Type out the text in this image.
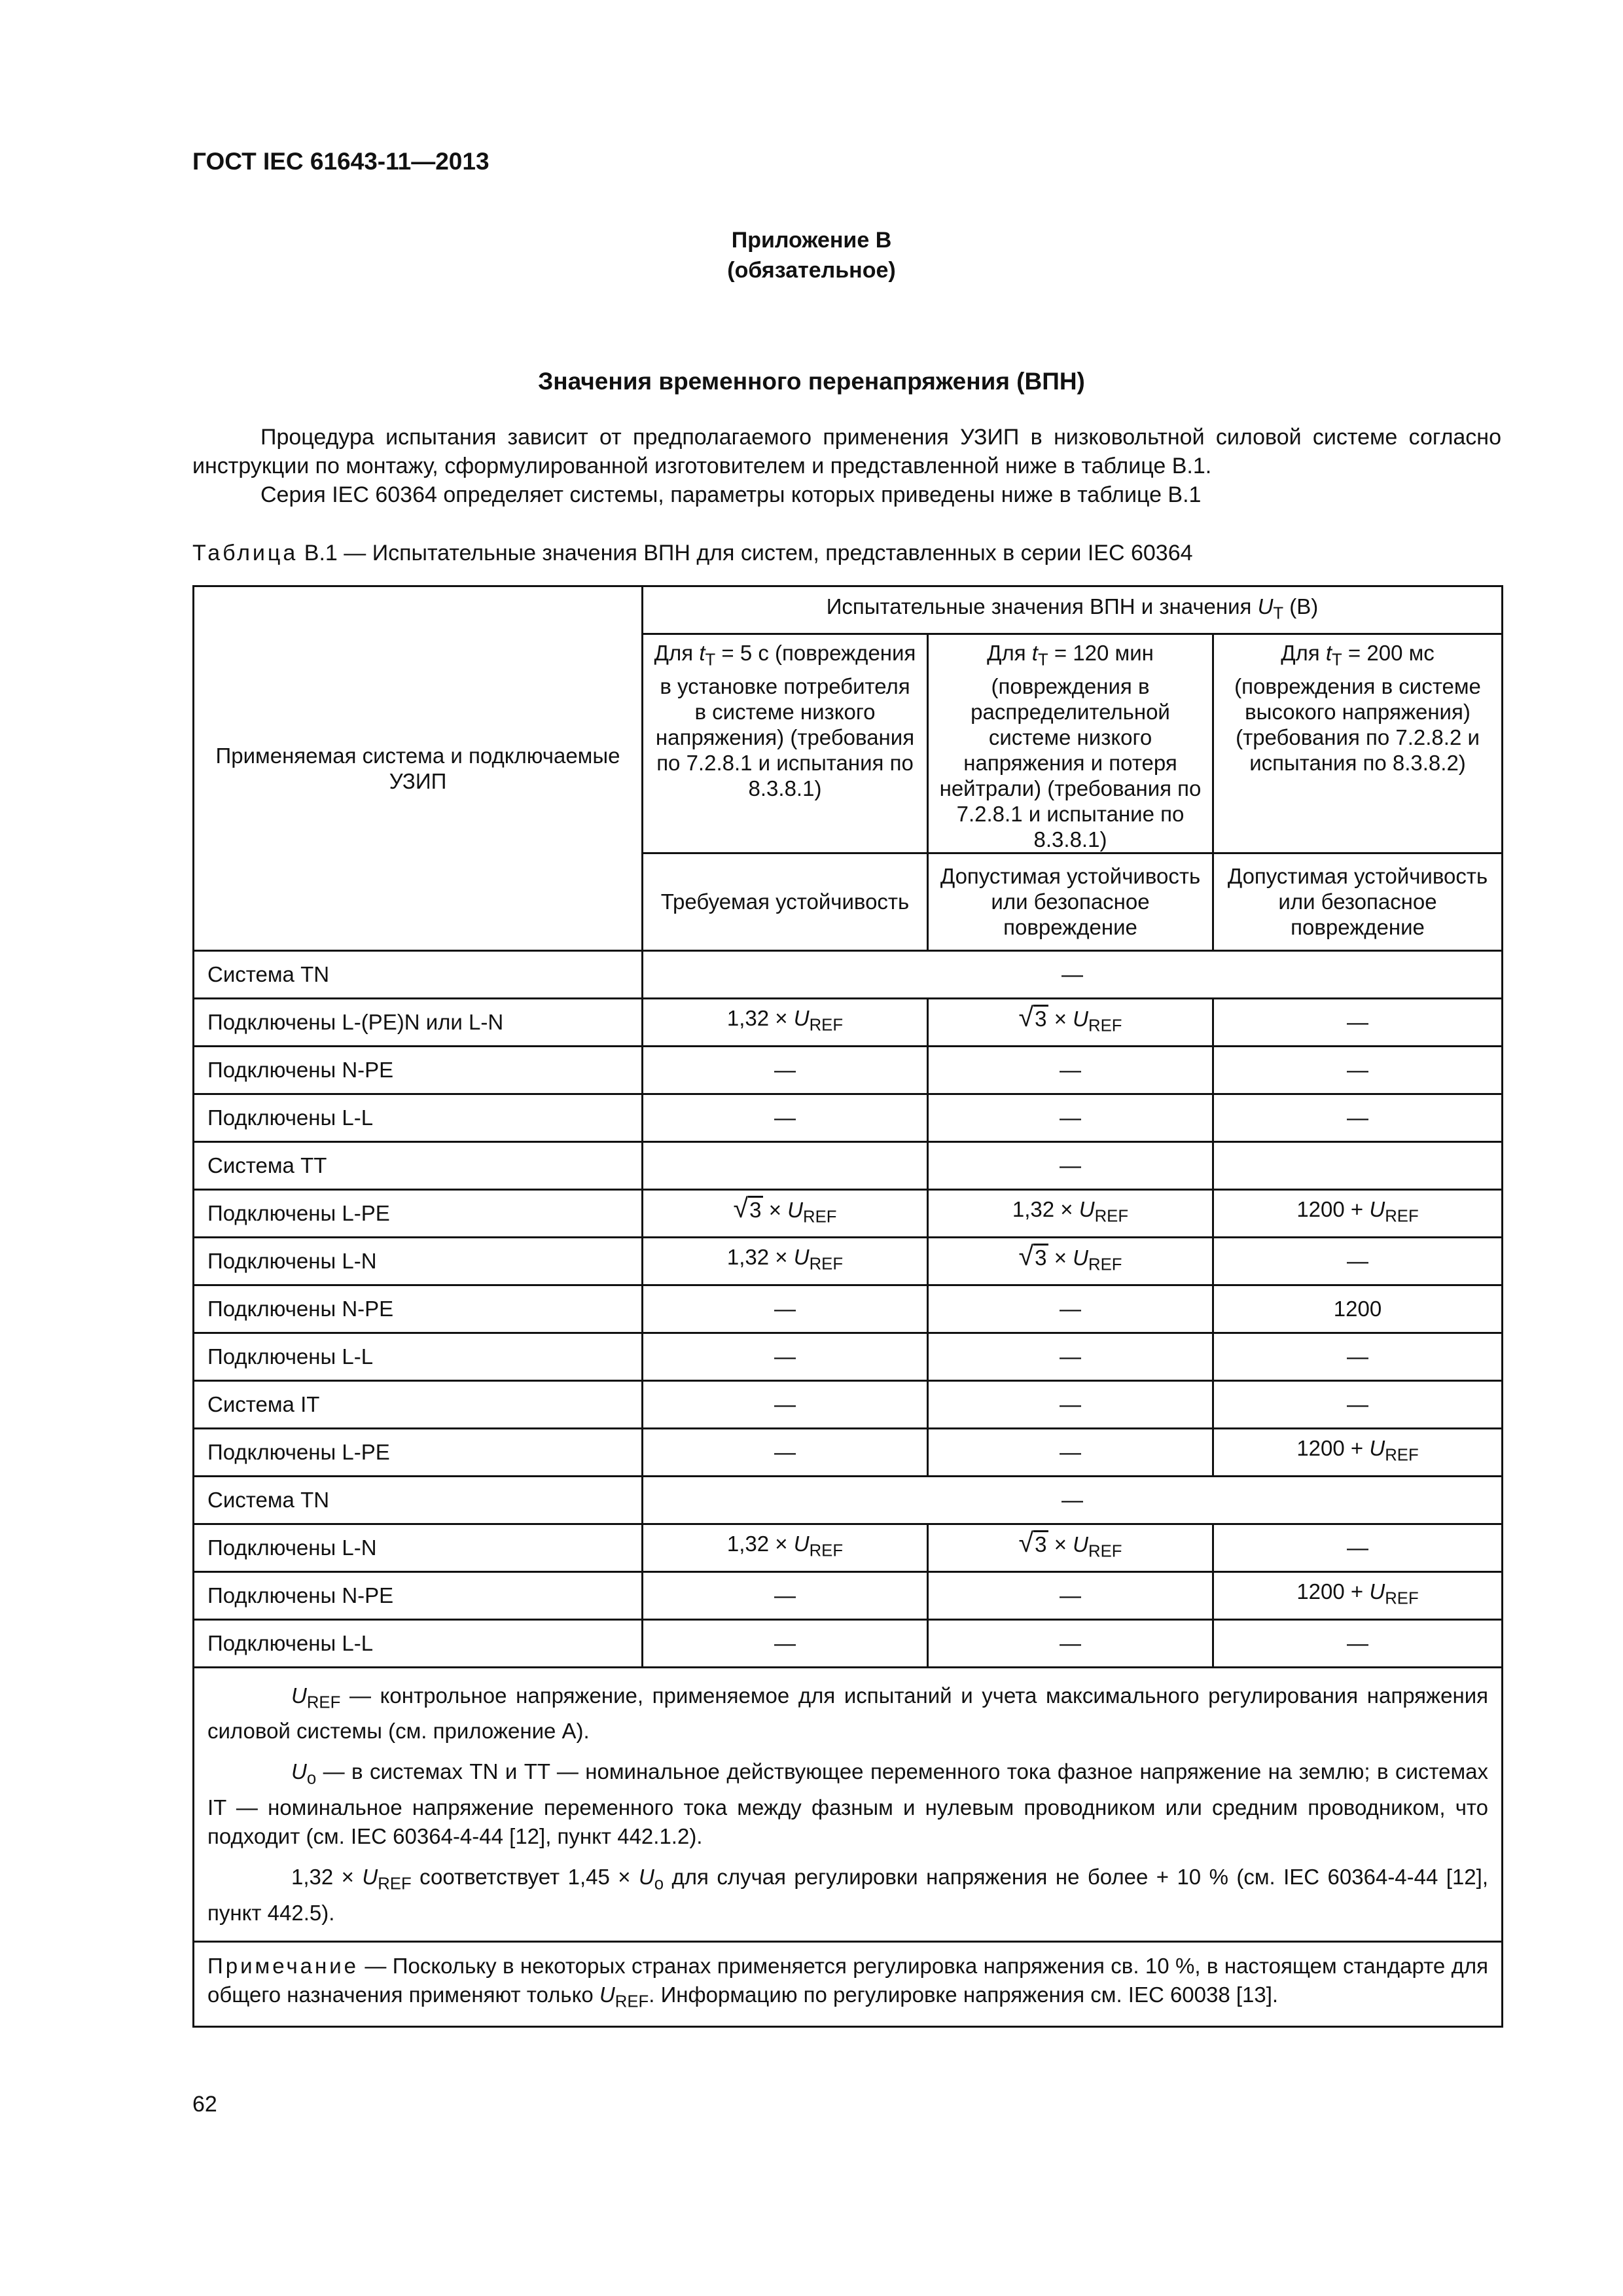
ГОСТ IEC 61643-11—2013
Приложение В
(обязательное)
Значения временного перенапряжения (ВПН)
Процедура испытания зависит от предполагаемого применения УЗИП в низковольтной силовой системе согласно инструкции по монтажу, сформулированной изготовителем и представленной ниже в таблице В.1.
Серия IEC 60364 определяет системы, параметры которых приведены ниже в таблице В.1
Таблица В.1 — Испытательные значения ВПН для систем, представленных в серии IEC 60364
Применяемая система и подключаемые УЗИП	Испытательные значения ВПН и значения $U_T$ (В)		
	Для $t_T = 5$ с (повреждения в установке потребителя в системе низкого напряжения) (требования по 7.2.8.1 и испытания по 8.3.8.1)	Для $t_T = 120$ мин (повреждения в распределительной системе низкого напряжения и потеря нейтрали) (требования по 7.2.8.1 и испытание по 8.3.8.1)	Для $t_T = 200$ мс (повреждения в системе высокого напряжения) (требования по 7.2.8.2 и испытания по 8.3.8.2)
	Требуемая устойчивость	Допустимая устойчивость или безопасное повреждение	Допустимая устойчивость или безопасное повреждение
Система TN	—		
Подключены L-(PE)N или L-N	$1,32 \times U_{REF}$	$√3 \times U_{REF}$	—
Подключены N-PE	—	—	—
Подключены L-L	—	—	—
Система TT		—	
Подключены L-PE	$√3 \times U_{REF}$	$1,32 \times U_{REF}$	$1200 + U_{REF}$
Подключены L-N	$1,32 \times U_{REF}$	$√3 \times U_{REF}$	—
Подключены N-PE	—	—	1200
Подключены L-L	—	—	—
Система IT	—	—	—
Подключены L-PE	—	—	$1200 + U_{REF}$
Система TN	—		
Подключены L-N	$1,32 \times U_{REF}$	$√3 \times U_{REF}$	—
Подключены N-PE	—	—	$1200 + U_{REF}$
Подключены L-L	—	—	—

$U_{REF}$ — контрольное напряжение, применяемое для испытаний и учета максимального регулирования напряжения силовой системы (см. приложение А).

$U_o$ — в системах TN и TT — номинальное действующее переменного тока фазное напряжение на землю; в системах IT — номинальное напряжение переменного тока между фазным и нулевым проводником или средним проводником, что подходит (см. IEC 60364-4-44 [12], пункт 442.1.2).

$1,32 \times U_{REF}$ соответствует $1,45 \times U_o$ для случая регулировки напряжения не более + 10 % (см. IEC 60364-4-44 [12], пункт 442.5).			

Примечание — Поскольку в некоторых странах применяется регулировка напряжения св. 10 %, в настоящем стандарте для общего назначения применяют только $U_{REF}$. Информацию по регулировке напряжения см. IEC 60038 [13].			
62
